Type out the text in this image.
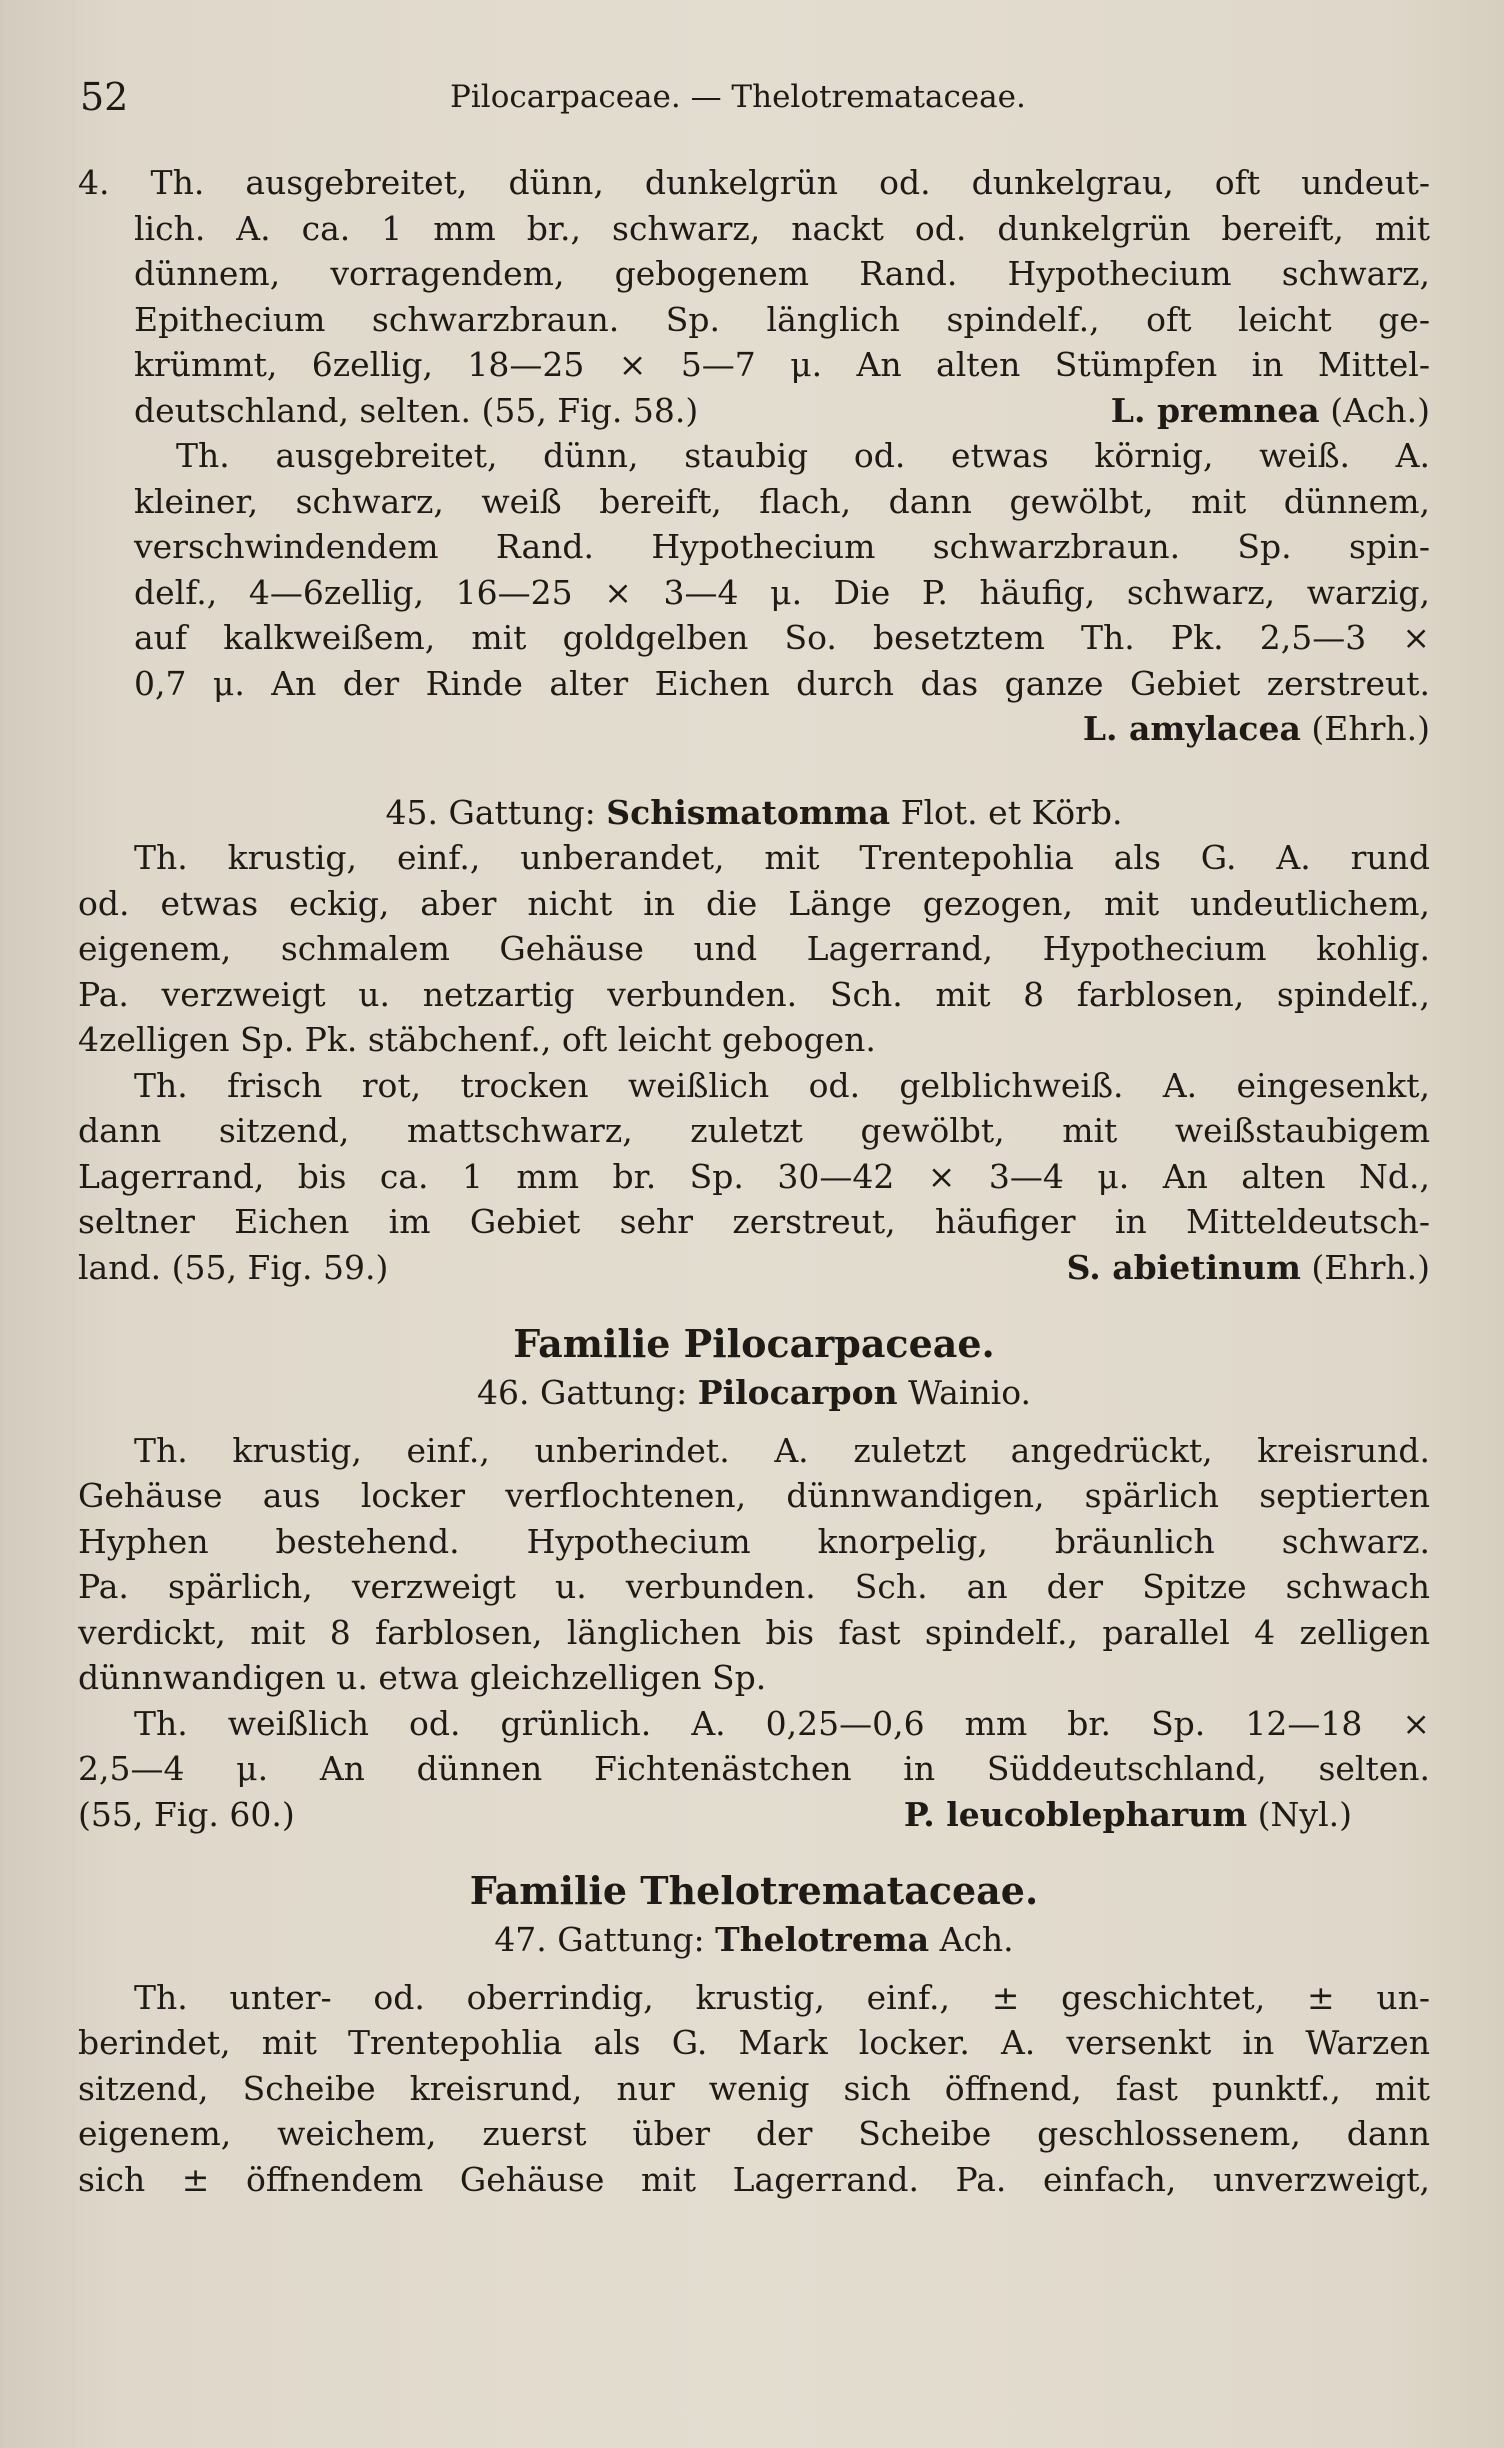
52	Pilocarpaceae. — Thelotremataceae.
4. Th. ausgebreitet, dünn, dunkelgrün od. dunkelgrau, oft undeut-
lich. A. ca. 1 mm br., schwarz, nackt od. dunkelgrün bereift, mit
dünnem, vorragendem, gebogenem Rand. Hypothecium schwarz,
Epithecium schwarzbraun. Sp. länglich spindelf., oft leicht ge-
krümmt, 6zellig, 18—25 × 5—7 μ. An alten Stümpfen in Mittel-
deutschland, selten. (55, Fig. 58.)	L. premnea (Ach.)
Th. ausgebreitet, dünn, staubig od. etwas körnig, weiß. A.
kleiner, schwarz, weiß bereift, flach, dann gewölbt, mit dünnem,
verschwindendem Rand. Hypothecium schwarzbraun. Sp. spin-
delf., 4—6zellig, 16—25 × 3—4 μ. Die P. häufig, schwarz, warzig,
auf kalkweißem, mit goldgelben So. besetztem Th. Pk. 2,5—3 ×
0,7 μ. An der Rinde alter Eichen durch das ganze Gebiet zerstreut.
L. amylacea (Ehrh.)
45. Gattung: Schismatomma Flot. et Körb.
Th. krustig, einf., unberandet, mit Trentepohlia als G. A. rund
od. etwas eckig, aber nicht in die Länge gezogen, mit undeutlichem,
eigenem, schmalem Gehäuse und Lagerrand, Hypothecium kohlig.
Pa. verzweigt u. netzartig verbunden. Sch. mit 8 farblosen, spindelf.,
4zelligen Sp. Pk. stäbchenf., oft leicht gebogen.
Th. frisch rot, trocken weißlich od. gelblichweiß. A. eingesenkt,
dann sitzend, mattschwarz, zuletzt gewölbt, mit weißstaubigem
Lagerrand, bis ca. 1 mm br. Sp. 30—42 × 3—4 μ. An alten Nd.,
seltner Eichen im Gebiet sehr zerstreut, häufiger in Mitteldeutsch-
land. (55, Fig. 59.)	S. abietinum (Ehrh.)
Familie Pilocarpaceae.
46. Gattung: Pilocarpon Wainio.
Th. krustig, einf., unberindet. A. zuletzt angedrückt, kreisrund.
Gehäuse aus locker verflochtenen, dünnwandigen, spärlich septierten
Hyphen bestehend. Hypothecium knorpelig, bräunlich schwarz.
Pa. spärlich, verzweigt u. verbunden. Sch. an der Spitze schwach
verdickt, mit 8 farblosen, länglichen bis fast spindelf., parallel 4 zelligen
dünnwandigen u. etwa gleichzelligen Sp.
Th. weißlich od. grünlich. A. 0,25—0,6 mm br. Sp. 12—18 ×
2,5—4 μ. An dünnen Fichtenästchen in Süddeutschland, selten.
(55, Fig. 60.)	P. leucoblepharum (Nyl.)
Familie Thelotremataceae.
47. Gattung: Thelotrema Ach.
Th. unter- od. oberrindig, krustig, einf., ± geschichtet, ± un-
berindet, mit Trentepohlia als G. Mark locker. A. versenkt in Warzen
sitzend, Scheibe kreisrund, nur wenig sich öffnend, fast punktf., mit
eigenem, weichem, zuerst über der Scheibe geschlossenem, dann
sich ± öffnendem Gehäuse mit Lagerrand. Pa. einfach, unverzweigt,
